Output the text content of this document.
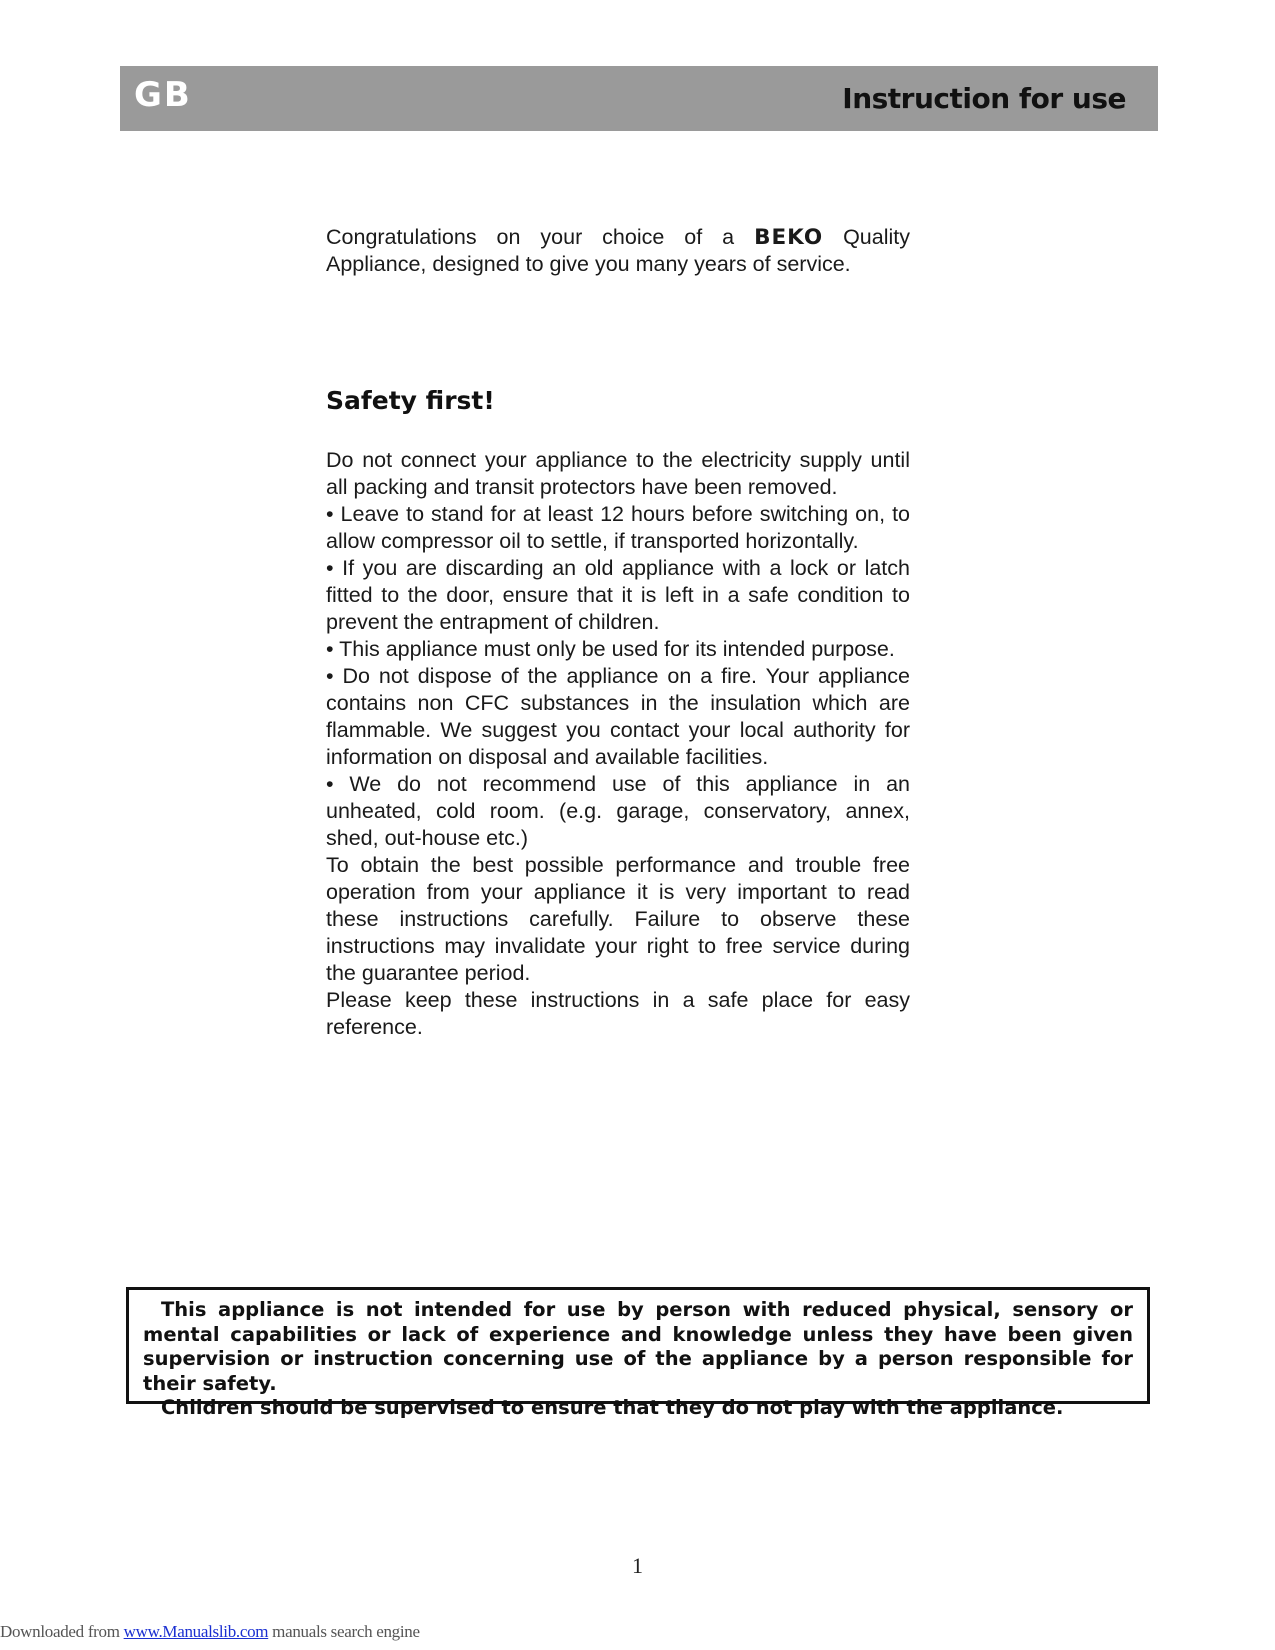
GB	Instruction for use
Congratulations on your choice of a BEKO Quality Appliance, designed to give you many years of service.
Safety first!

Do not connect your appliance to the electricity supply until all packing and transit protectors have been removed.

• Leave to stand for at least 12 hours before switching on, to allow compressor oil to settle, if transported horizontally.

• If you are discarding an old appliance with a lock or latch fitted to the door, ensure that it is left in a safe condition to prevent the entrapment of children.

• This appliance must only be used for its intended purpose.

• Do not dispose of the appliance on a fire. Your appliance contains non CFC substances in the insulation which are flammable. We suggest you contact your local authority for information on disposal and available facilities.

• We do not recommend use of this appliance in an unheated, cold room. (e.g. garage, conservatory, annex, shed, out-house etc.)

To obtain the best possible performance and trouble free operation from your appliance it is very important to read these instructions carefully. Failure to observe these instructions may invalidate your right to free service during the guarantee period.

Please keep these instructions in a safe place for easy reference.

This appliance is not intended for use by person with reduced physical, sensory or mental capabilities or lack of experience and knowledge unless they have been given supervision or instruction concerning use of the appliance by a person responsible for their safety.

Children should be supervised to ensure that they do not play with the appliance.

1
Downloaded from www.Manualslib.com manuals search engine
